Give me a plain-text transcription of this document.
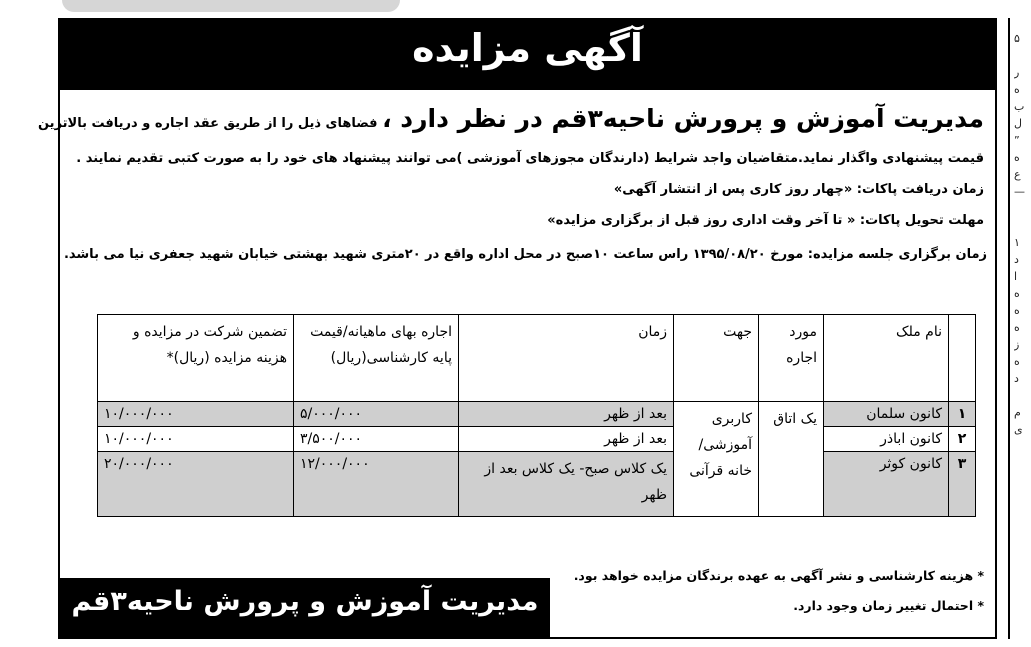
۵
ر
ه
ب
ل
”
ه
ع
—
۱
د
ا
ه
ه
ه
ز
ه
د
م
ی
آگهی مزایده
مدیریت آموزش و پرورش ناحیه۳قم در نظر دارد ، فضاهای ذیل را از طریق عقد اجاره و دریافت بالاترین
قیمت پیشنهادی واگذار نماید.متقاضیان واجد شرایط (دارندگان مجوزهای آموزشی )می توانند پیشنهاد های خود را به صورت کتبی تقدیم نمایند .
زمان دریافت پاکات: «چهار روز کاری پس از انتشار آگهی»
مهلت تحویل پاکات: « تا آخر وقت اداری روز قبل از برگزاری مزایده»
زمان برگزاری جلسه مزایده: مورخ ۱۳۹۵/۰۸/۲۰ راس ساعت ۱۰صبح در محل اداره واقع در ۲۰متری شهید بهشتی خیابان شهید جعفری نیا می باشد.
	نام ملک	مورد اجاره	جهت	زمان	اجاره بهای ماهیانه/قیمت پایه کارشناسی(ریال)	تضمین شرکت در مزایده و هزینه مزایده (ریال)*
۱	کانون سلمان	یک اتاق	کاربری آموزشی/ خانه قرآنی	بعد از ظهر	۵/۰۰۰/۰۰۰	۱۰/۰۰۰/۰۰۰
۲	کانون اباذر			بعد از ظهر	۳/۵۰۰/۰۰۰	۱۰/۰۰۰/۰۰۰
۳	کانون کوثر			یک کلاس صبح- یک کلاس بعد از ظهر	۱۲/۰۰۰/۰۰۰	۲۰/۰۰۰/۰۰۰
* هزینه کارشناسی و نشر آگهی به عهده برندگان مزایده خواهد بود.
* احتمال تغییر زمان وجود دارد.
مدیریت آموزش و پرورش ناحیه۳قم
